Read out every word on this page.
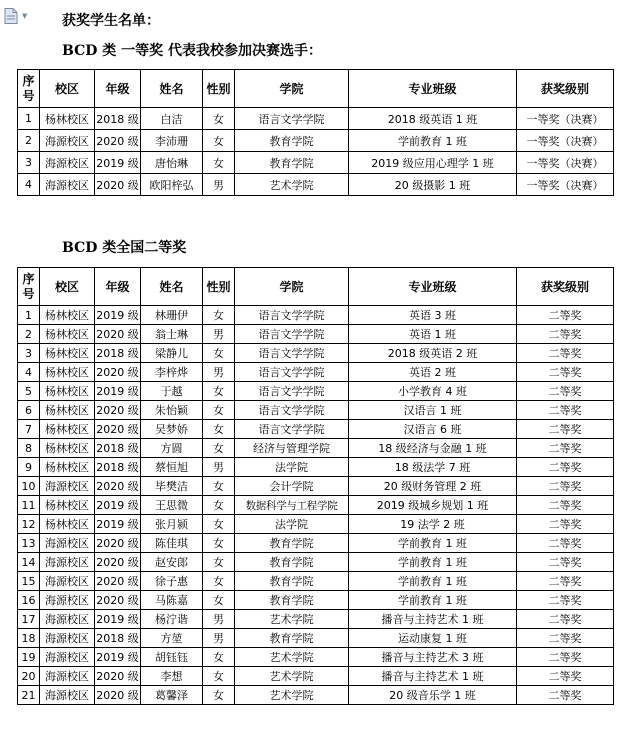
▼ 获奖学生名单：
BCD 类 一等奖 代表我校参加决赛选手：
BCD 类全国二等奖
序
号	校区	年级	姓名	性别	学院	专业班级	获奖级别
1	杨林校区	2018 级	白洁	女	语言文学学院	2018 级英语 1 班	一等奖（决赛）
2	海源校区	2020 级	李沛珊	女	教育学院	学前教育 1 班	一等奖（决赛）
3	海源校区	2019 级	唐怡琳	女	教育学院	2019 级应用心理学 1 班	一等奖（决赛）
4	海源校区	2020 级	欧阳梓弘	男	艺术学院	20 级摄影 1 班	一等奖（决赛）
序
号	校区	年级	姓名	性别	学院	专业班级	获奖级别
1	杨林校区	2019 级	林珊伊	女	语言文学学院	英语 3 班	二等奖
2	杨林校区	2020 级	翁士琳	男	语言文学学院	英语 1 班	二等奖
3	杨林校区	2018 级	梁静儿	女	语言文学学院	2018 级英语 2 班	二等奖
4	杨林校区	2020 级	李梓烨	男	语言文学学院	英语 2 班	二等奖
5	杨林校区	2019 级	于越	女	语言文学学院	小学教育 4 班	二等奖
6	杨林校区	2020 级	朱怡颖	女	语言文学学院	汉语言 1 班	二等奖
7	杨林校区	2020 级	吴梦娇	女	语言文学学院	汉语言 6 班	二等奖
8	杨林校区	2018 级	方圆	女	经济与管理学院	18 级经济与金融 1 班	二等奖
9	杨林校区	2018 级	蔡恒旭	男	法学院	18 级法学 7 班	二等奖
10	海源校区	2020 级	毕樊洁	女	会计学院	20 级财务管理 2 班	二等奖
11	杨林校区	2019 级	王思微	女	数据科学与工程学院	2019 级城乡规划 1 班	二等奖
12	杨林校区	2019 级	张月颍	女	法学院	19 法学 2 班	二等奖
13	海源校区	2020 级	陈佳琪	女	教育学院	学前教育 1 班	二等奖
14	海源校区	2020 级	赵安郎	女	教育学院	学前教育 1 班	二等奖
15	海源校区	2020 级	徐子惠	女	教育学院	学前教育 1 班	二等奖
16	海源校区	2020 级	马陈嘉	女	教育学院	学前教育 1 班	二等奖
17	海源校区	2019 级	杨泞谐	男	艺术学院	播音与主持艺术 1 班	二等奖
18	海源校区	2018 级	方堃	男	教育学院	运动康复 1 班	二等奖
19	海源校区	2019 级	胡钰钰	女	艺术学院	播音与主持艺术 3 班	二等奖
20	海源校区	2020 级	李想	女	艺术学院	播音与主持艺术 1 班	二等奖
21	海源校区	2020 级	葛馨泽	女	艺术学院	20 级音乐学 1 班	二等奖
